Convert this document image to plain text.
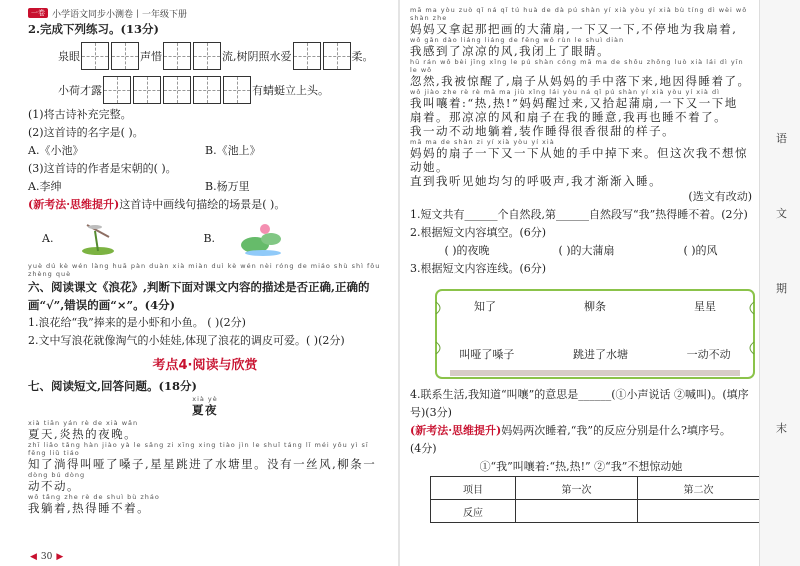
一卷 小学语文同步小测卷丨一年级下册
2.完成下列练习。(13分)
泉眼	声惜	流,树阴照水爱	柔。
小荷才露	有蜻蜓立上头。
(1)将古诗补充完整。
(2)这首诗的名字是( )。
A.《小池》	B.《池上》
(3)这首诗的作者是宋朝的( )。
A.李绅	B.杨万里
(新考法·思维提升)这首诗中画线句描绘的场景是( )。
A.	B.
yuè dú kè wén làng huā pàn duàn xià miàn duì kè wén nèi róng de miáo shù shì fǒu zhèng què
六、阅读课文《浪花》,判断下面对课文内容的描述是否正确,正确的
画“√”,错误的画“×”。(4分)
1.浪花给“我”捧来的是小虾和小鱼。 ( )(2分)
2.文中写浪花就像淘气的小娃娃,体现了浪花的调皮可爱。( )(2分)
考点4·阅读与欣赏
七、阅读短文,回答问题。(18分)
xià yè
夏夜
xià tiān yán rè de xià wǎn
夏天,炎热的夜晚。
zhī liǎo tǎng hàn jiào yà le sǎng zi xīng xing tiào jìn le shuǐ táng lǐ méi yǒu yì sī fēng liǔ tiáo
知了淌得叫哑了嗓子,星星跳进了水塘里。没有一丝风,柳条一
dòng bú dòng
动不动。
wǒ tǎng zhe rè de shuì bù zháo
我躺着,热得睡不着。
◀ 30 ▶
mā ma yòu zuò qǐ ná qǐ tú huà de dà pú shàn yí xià yòu yí xià bù tíng dì wèi wǒ shàn zhe
妈妈又拿起那把画的大蒲扇,一下又一下,不停地为我扇着,
wǒ gǎn dào liáng liáng de fēng wǒ rùn le shuì diàn
我感到了凉凉的风,我闭上了眼睛。
hū rán wǒ bèi jīng xǐng le pú shàn cóng mā ma de shǒu zhōng luò xià lái dì yīn le wǒ
忽然,我被惊醒了,扇子从妈妈的手中落下来,地因得睡着了。
wǒ jiào zhe rè rè mā ma jiù xǐng lái yòu ná qǐ pú shàn yí xià yòu yí xià dì
我叫嚷着:“热,热!”妈妈醒过来,又拾起蒲扇,一下又一下地
扇着。那凉凉的风和扇子在我的睡意,我再也睡不着了。
我一动不动地躺着,装作睡得很香很甜的样子。
mā ma de shàn zi yí xià yòu yí xià
妈妈的扇子一下又一下从她的手中掉下来。但这次我不想惊动她。
直到我听见她均匀的呼吸声,我才渐渐入睡。
(选文有改动)
1.短文共有______个自然段,第______自然段写“我”热得睡不着。(2分)
2.根据短文内容填空。(6分)
( )的夜晚	( )的大蒲扇	( )的风
3.根据短文内容连线。(6分)
知了	柳条	星星
叫哑了嗓子	跳进了水塘	一动不动
4.联系生活,我知道“叫嚷”的意思是______(①小声说话 ②喊叫)。(填序号)(3分)
(新考法·思维提升)妈妈两次睡着,“我”的反应分别是什么?填序号。
(4分)
①“我”叫嚷着:“热,热!” ②“我”不想惊动她
项目	第一次	第二次
反应		
语
文
期
末
